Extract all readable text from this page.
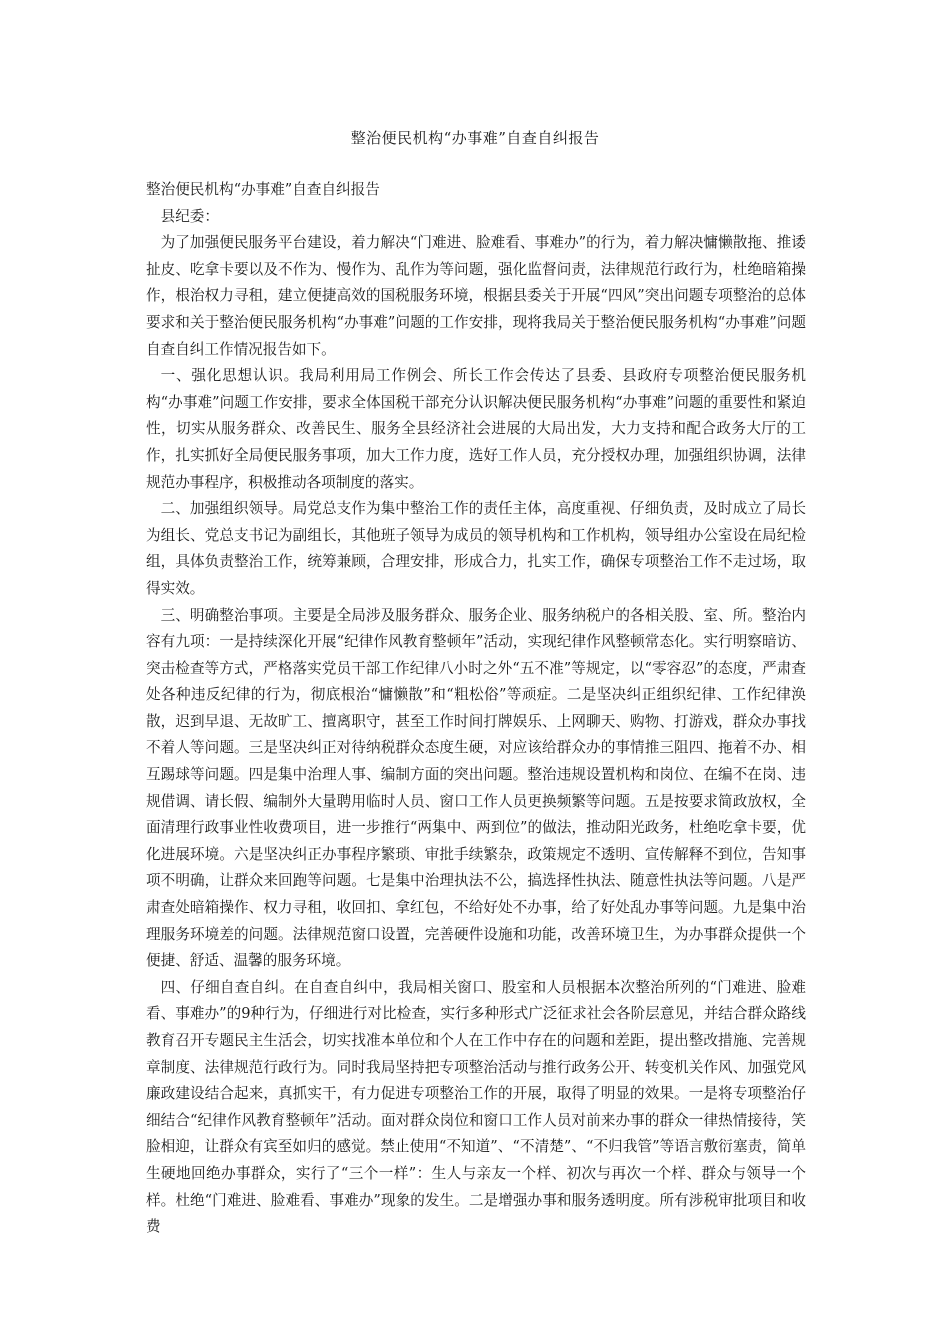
整治便民机构“办事难”自查自纠报告

整治便民机构“办事难”自查自纠报告

县纪委：

为了加强便民服务平台建设，着力解决“门难进、脸难看、事难办”的行为，着力解决慵懒散拖、推诿扯皮、吃拿卡要以及不作为、慢作为、乱作为等问题，强化监督问责，法律规范行政行为，杜绝暗箱操作，根治权力寻租，建立便捷高效的国税服务环境，根据县委关于开展“四风”突出问题专项整治的总体要求和关于整治便民服务机构“办事难”问题的工作安排，现将我局关于整治便民服务机构“办事难”问题自查自纠工作情况报告如下。

一、强化思想认识。我局利用局工作例会、所长工作会传达了县委、县政府专项整治便民服务机构“办事难”问题工作安排，要求全体国税干部充分认识解决便民服务机构“办事难”问题的重要性和紧迫性，切实从服务群众、改善民生、服务全县经济社会进展的大局出发，大力支持和配合政务大厅的工作，扎实抓好全局便民服务事项，加大工作力度，选好工作人员，充分授权办理，加强组织协调，法律规范办事程序，积极推动各项制度的落实。

二、加强组织领导。局党总支作为集中整治工作的责任主体，高度重视、仔细负责，及时成立了局长为组长、党总支书记为副组长，其他班子领导为成员的领导机构和工作机构，领导组办公室设在局纪检组，具体负责整治工作，统筹兼顾，合理安排，形成合力，扎实工作，确保专项整治工作不走过场，取得实效。

三、明确整治事项。主要是全局涉及服务群众、服务企业、服务纳税户的各相关股、室、所。整治内容有九项：一是持续深化开展“纪律作风教育整顿年”活动，实现纪律作风整顿常态化。实行明察暗访、突击检查等方式，严格落实党员干部工作纪律八小时之外“五不准”等规定，以“零容忍”的态度，严肃查处各种违反纪律的行为，彻底根治“慵懒散”和“粗松俗”等顽症。二是坚决纠正组织纪律、工作纪律涣散，迟到早退、无故旷工、擅离职守，甚至工作时间打牌娱乐、上网聊天、购物、打游戏，群众办事找不着人等问题。三是坚决纠正对待纳税群众态度生硬，对应该给群众办的事情推三阻四、拖着不办、相互踢球等问题。四是集中治理人事、编制方面的突出问题。整治违规设置机构和岗位、在编不在岗、违规借调、请长假、编制外大量聘用临时人员、窗口工作人员更换频繁等问题。五是按要求简政放权，全面清理行政事业性收费项目，进一步推行“两集中、两到位”的做法，推动阳光政务，杜绝吃拿卡要，优化进展环境。六是坚决纠正办事程序繁琐、审批手续繁杂，政策规定不透明、宣传解释不到位，告知事项不明确，让群众来回跑等问题。七是集中治理执法不公，搞选择性执法、随意性执法等问题。八是严肃查处暗箱操作、权力寻租，收回扣、拿红包，不给好处不办事，给了好处乱办事等问题。九是集中治理服务环境差的问题。法律规范窗口设置，完善硬件设施和功能，改善环境卫生，为办事群众提供一个便捷、舒适、温馨的服务环境。

四、仔细自查自纠。在自查自纠中，我局相关窗口、股室和人员根据本次整治所列的“门难进、脸难看、事难办”的9种行为，仔细进行对比检查，实行多种形式广泛征求社会各阶层意见，并结合群众路线教育召开专题民主生活会，切实找准本单位和个人在工作中存在的问题和差距，提出整改措施、完善规章制度、法律规范行政行为。同时我局坚持把专项整治活动与推行政务公开、转变机关作风、加强党风廉政建设结合起来，真抓实干，有力促进专项整治工作的开展，取得了明显的效果。一是将专项整治仔细结合“纪律作风教育整顿年”活动。面对群众岗位和窗口工作人员对前来办事的群众一律热情接待，笑脸相迎，让群众有宾至如归的感觉。禁止使用“不知道”、“不清楚”、“不归我管”等语言敷衍塞责，简单生硬地回绝办事群众，实行了“三个一样”：生人与亲友一个样、初次与再次一个样、群众与领导一个样。杜绝“门难进、脸难看、事难办”现象的发生。二是增强办事和服务透明度。所有涉税审批项目和收费
